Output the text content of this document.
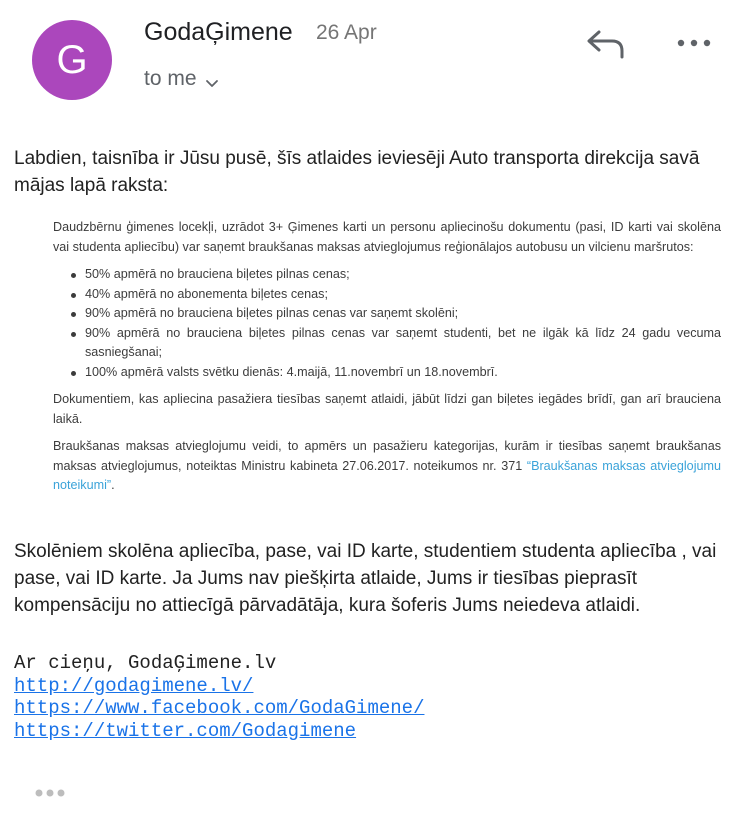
G
GodaĢimene 26 Apr
to me
Labdien, taisnība ir Jūsu pusē, šīs atlaides ieviesēji Auto transporta direkcija savā mājas lapā raksta:

Daudzbērnu ģimenes locekļi, uzrādot 3+ Ģimenes karti un personu apliecinošu dokumentu (pasi, ID karti vai skolēna vai studenta apliecību) var saņemt braukšanas maksas atvieglojumus reģionālajos autobusu un vilcienu maršrutos:

50% apmērā no brauciena biļetes pilnas cenas;
40% apmērā no abonementa biļetes cenas;
90% apmērā no brauciena biļetes pilnas cenas var saņemt skolēni;
90% apmērā no brauciena biļetes pilnas cenas var saņemt studenti, bet ne ilgāk kā līdz 24 gadu vecuma sasniegšanai;
100% apmērā valsts svētku dienās: 4.maijā, 11.novembrī un 18.novembrī.

Dokumentiem, kas apliecina pasažiera tiesības saņemt atlaidi, jābūt līdzi gan biļetes iegādes brīdī, gan arī brauciena laikā.

Braukšanas maksas atvieglojumu veidi, to apmērs un pasažieru kategorijas, kurām ir tiesības saņemt braukšanas maksas atvieglojumus, noteiktas Ministru kabineta 27.06.2017. noteikumos nr. 371 “Braukšanas maksas atvieglojumu noteikumi”.

Skolēniem skolēna apliecība, pase, vai ID karte, studentiem studenta apliecība , vai pase, vai ID karte. Ja Jums nav piešķirta atlaide, Jums ir tiesības pieprasīt kompensāciju no attiecīgā pārvadātāja, kura šoferis Jums neiedeva atlaidi.
Ar cieņu, GodaĢimene.lv
http://godagimene.lv/
https://www.facebook.com/GodaGimene/
https://twitter.com/Godagimene
